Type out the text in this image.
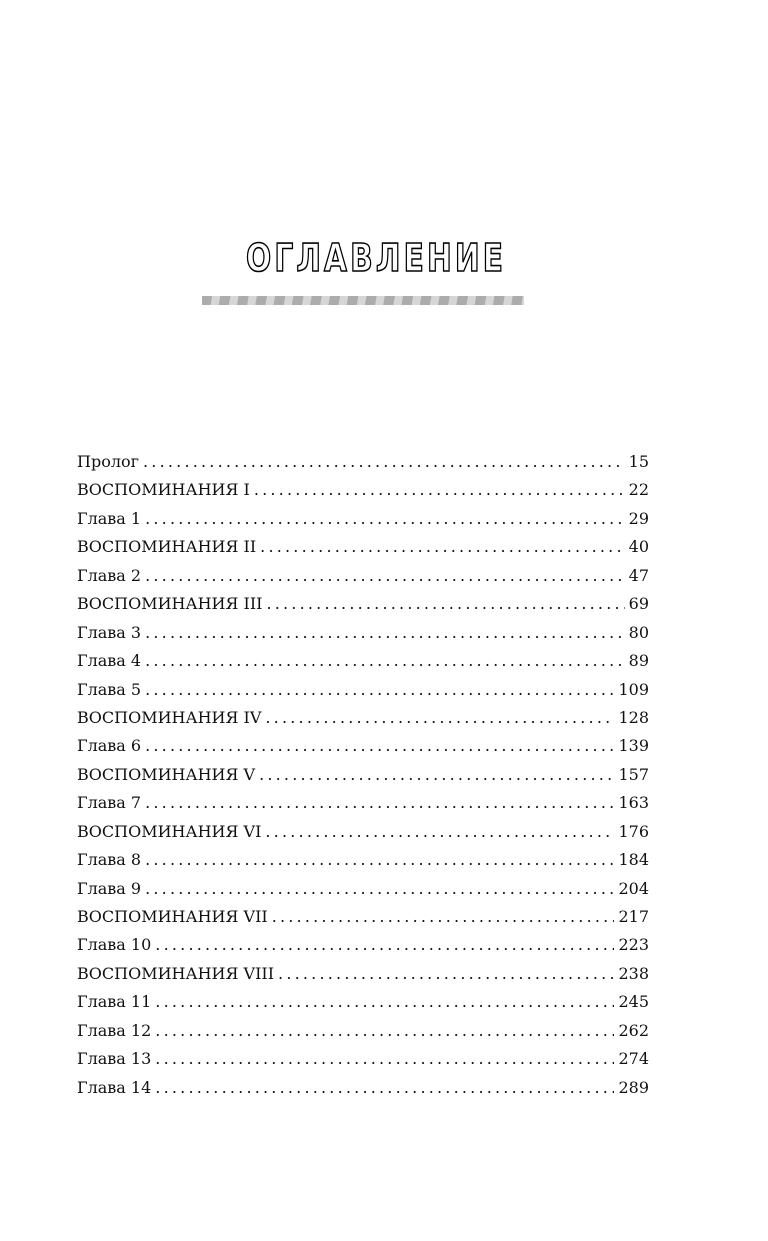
ОГЛАВЛЕНИЕ
Пролог .....	15
ВОСПОМИНАНИЯ I .....	22
Глава 1 .....	29
ВОСПОМИНАНИЯ II .....	40
Глава 2 .....	47
ВОСПОМИНАНИЯ III .....	69
Глава 3 .....	80
Глава 4 .....	89
Глава 5 .....	109
ВОСПОМИНАНИЯ IV .....	128
Глава 6 .....	139
ВОСПОМИНАНИЯ V .....	157
Глава 7 .....	163
ВОСПОМИНАНИЯ VI .....	176
Глава 8 .....	184
Глава 9 .....	204
ВОСПОМИНАНИЯ VII .....	217
Глава 10 .....	223
ВОСПОМИНАНИЯ VIII .....	238
Глава 11 .....	245
Глава 12 .....	262
Глава 13 .....	274
Глава 14 .....	289
